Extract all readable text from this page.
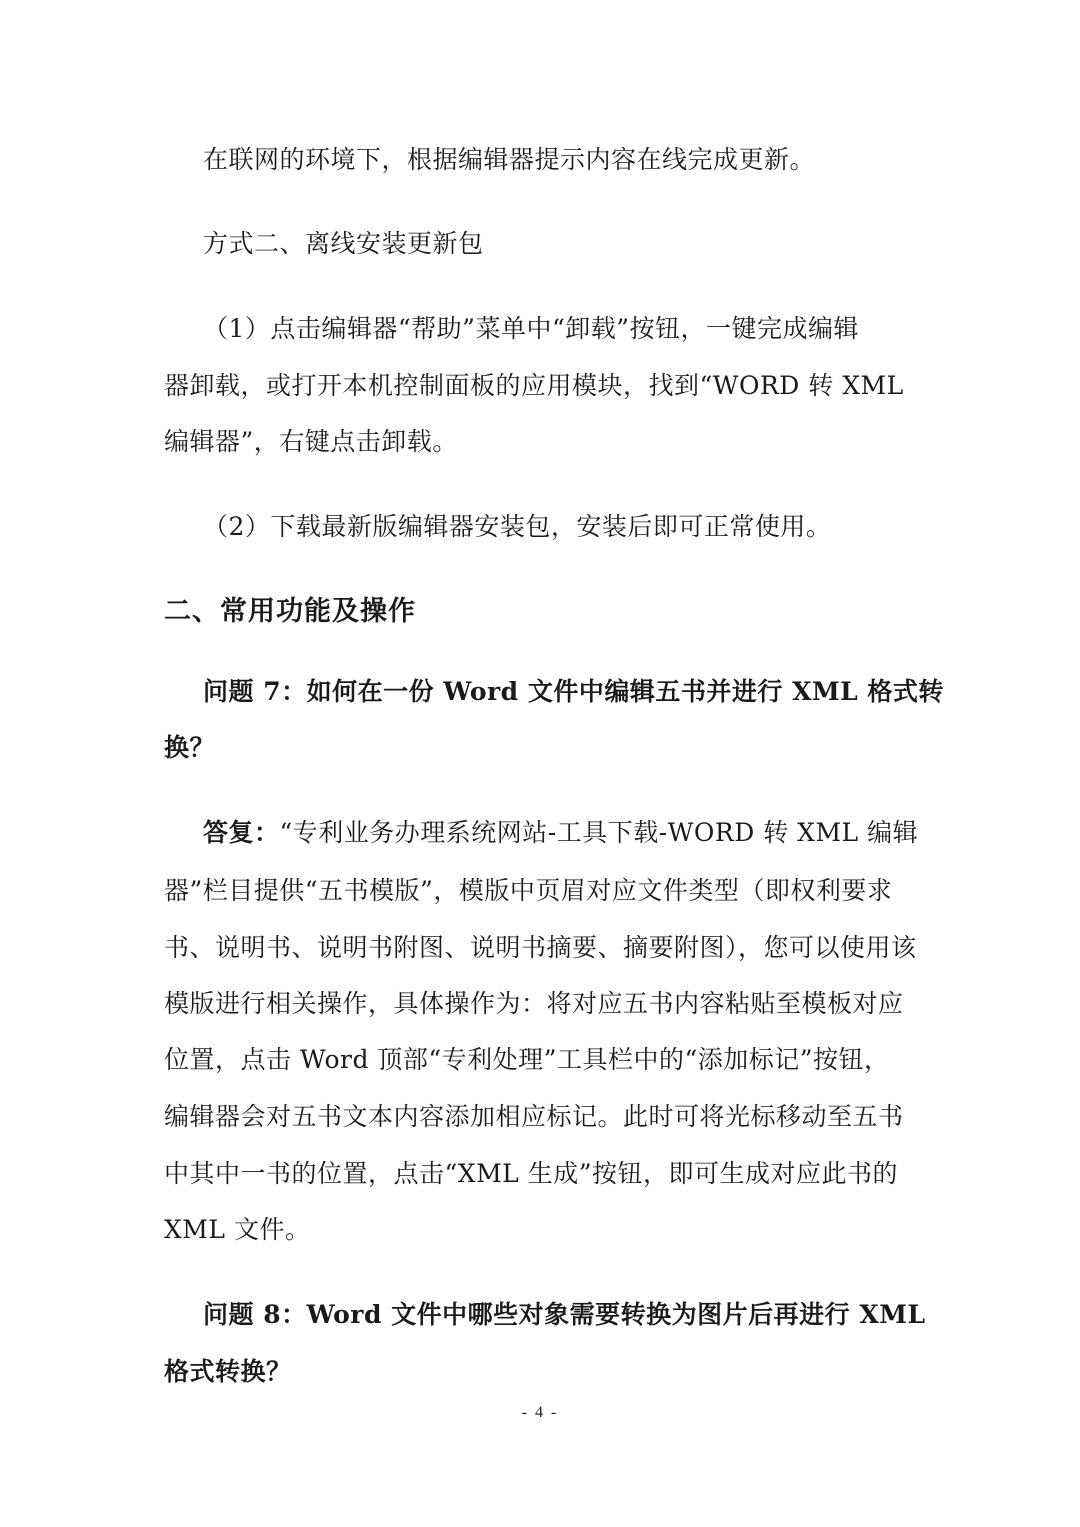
在联网的环境下，根据编辑器提示内容在线完成更新。
方式二、离线安装更新包
（1）点击编辑器“帮助”菜单中“卸载”按钮，一键完成编辑
器卸载，或打开本机控制面板的应用模块，找到“WORD 转 XML
编辑器”，右键点击卸载。
（2）下载最新版编辑器安装包，安装后即可正常使用。
二、常用功能及操作
问题 7：如何在一份 Word 文件中编辑五书并进行 XML 格式转
换？
答复：“专利业务办理系统网站-工具下载-WORD 转 XML 编辑
器”栏目提供“五书模版”，模版中页眉对应文件类型（即权利要求
书、说明书、说明书附图、说明书摘要、摘要附图），您可以使用该
模版进行相关操作，具体操作为：将对应五书内容粘贴至模板对应
位置，点击 Word 顶部“专利处理”工具栏中的“添加标记”按钮，
编辑器会对五书文本内容添加相应标记。此时可将光标移动至五书
中其中一书的位置，点击“XML 生成”按钮，即可生成对应此书的
XML 文件。
问题 8：Word 文件中哪些对象需要转换为图片后再进行 XML
格式转换？
- 4 -
